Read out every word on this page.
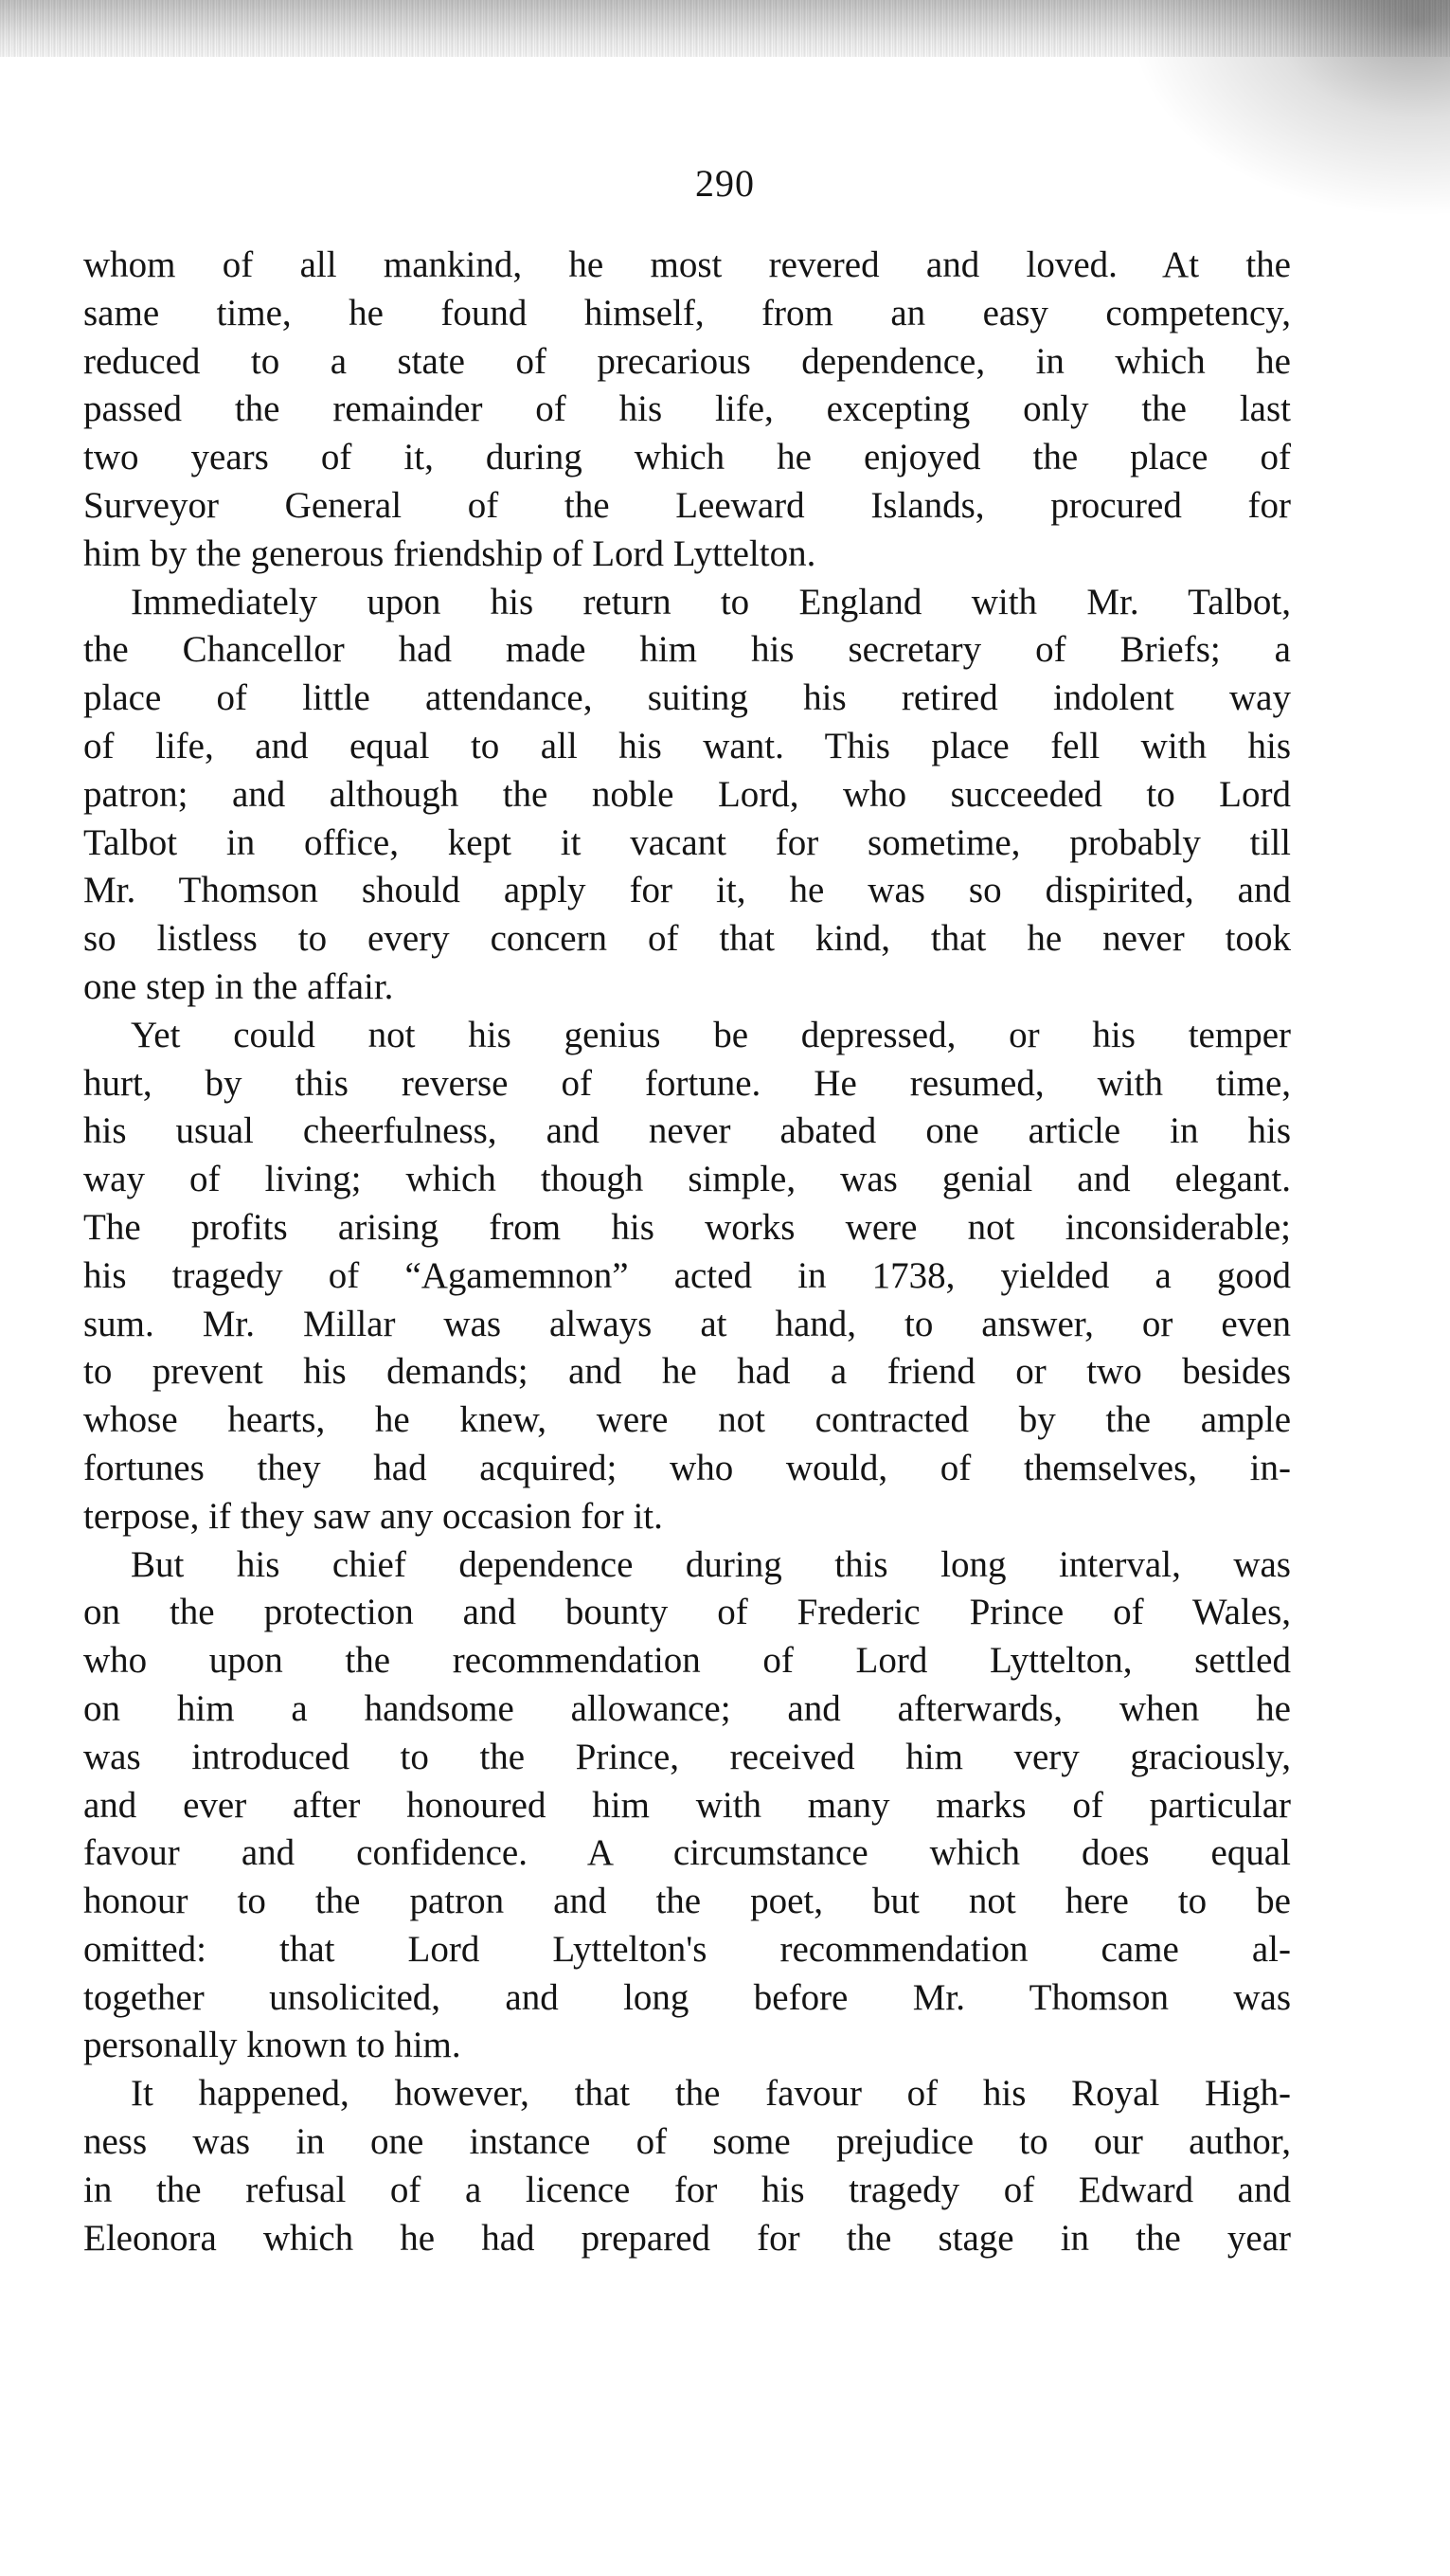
290

whom of all mankind, he most revered and loved. At the
same time, he found himself, from an easy competency,
reduced to a state of precarious dependence, in which he
passed the remainder of his life, excepting only the last
two years of it, during which he enjoyed the place of
Surveyor General of the Leeward Islands, procured for
him by the generous friendship of Lord Lyttelton.

Immediately upon his return to England with Mr. Talbot,
the Chancellor had made him his secretary of Briefs; a
place of little attendance, suiting his retired indolent way
of life, and equal to all his want. This place fell with his
patron; and although the noble Lord, who succeeded to Lord
Talbot in office, kept it vacant for sometime, probably till
Mr. Thomson should apply for it, he was so dispirited, and
so listless to every concern of that kind, that he never took
one step in the affair.

Yet could not his genius be depressed, or his temper
hurt, by this reverse of fortune. He resumed, with time,
his usual cheerfulness, and never abated one article in his
way of living; which though simple, was genial and elegant.
The profits arising from his works were not inconsiderable;
his tragedy of “Agamemnon” acted in 1738, yielded a good
sum. Mr. Millar was always at hand, to answer, or even
to prevent his demands; and he had a friend or two besides
whose hearts, he knew, were not contracted by the ample
fortunes they had acquired; who would, of themselves, in-
terpose, if they saw any occasion for it.

But his chief dependence during this long interval, was
on the protection and bounty of Frederic Prince of Wales,
who upon the recommendation of Lord Lyttelton, settled
on him a handsome allowance; and afterwards, when he
was introduced to the Prince, received him very graciously,
and ever after honoured him with many marks of particular
favour and confidence. A circumstance which does equal
honour to the patron and the poet, but not here to be
omitted: that Lord Lyttelton's recommendation came al-
together unsolicited, and long before Mr. Thomson was
personally known to him.

It happened, however, that the favour of his Royal High-
ness was in one instance of some prejudice to our author,
in the refusal of a licence for his tragedy of Edward and
Eleonora which he had prepared for the stage in the year
